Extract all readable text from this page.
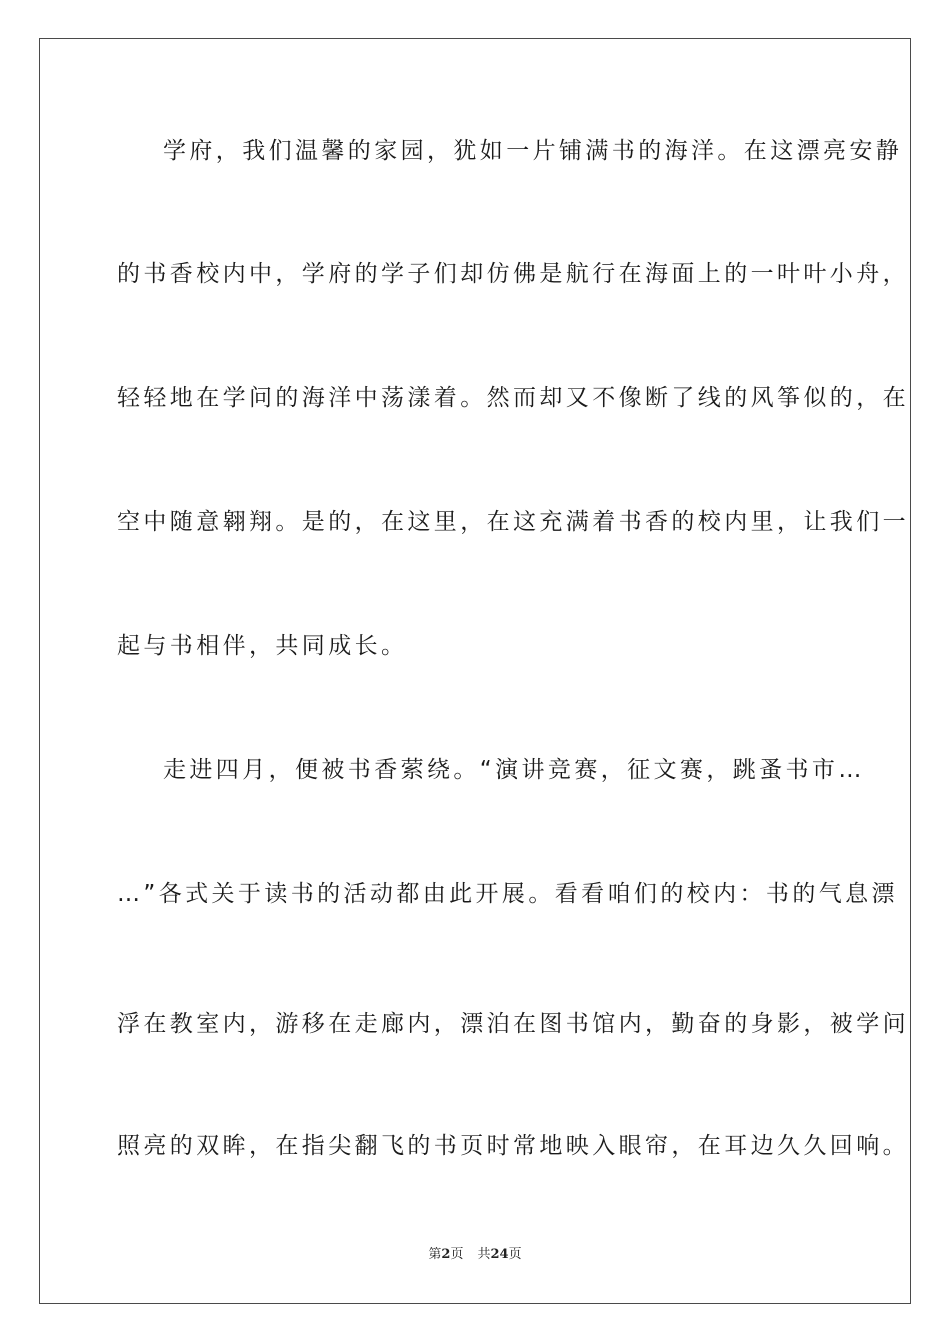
学府，我们温馨的家园，犹如一片铺满书的海洋。在这漂亮安静
的书香校内中，学府的学子们却仿佛是航行在海面上的一叶叶小舟，
轻轻地在学问的海洋中荡漾着。然而却又不像断了线的风筝似的，在
空中随意翱翔。是的，在这里，在这充满着书香的校内里，让我们一
起与书相伴，共同成长。
走进四月，便被书香萦绕。“演讲竞赛，征文赛，跳蚤书市…
…”各式关于读书的活动都由此开展。看看咱们的校内：书的气息漂
浮在教室内，游移在走廊内，漂泊在图书馆内，勤奋的身影，被学问
照亮的双眸，在指尖翻飞的书页时常地映入眼帘，在耳边久久回响。
第2页 共24页
